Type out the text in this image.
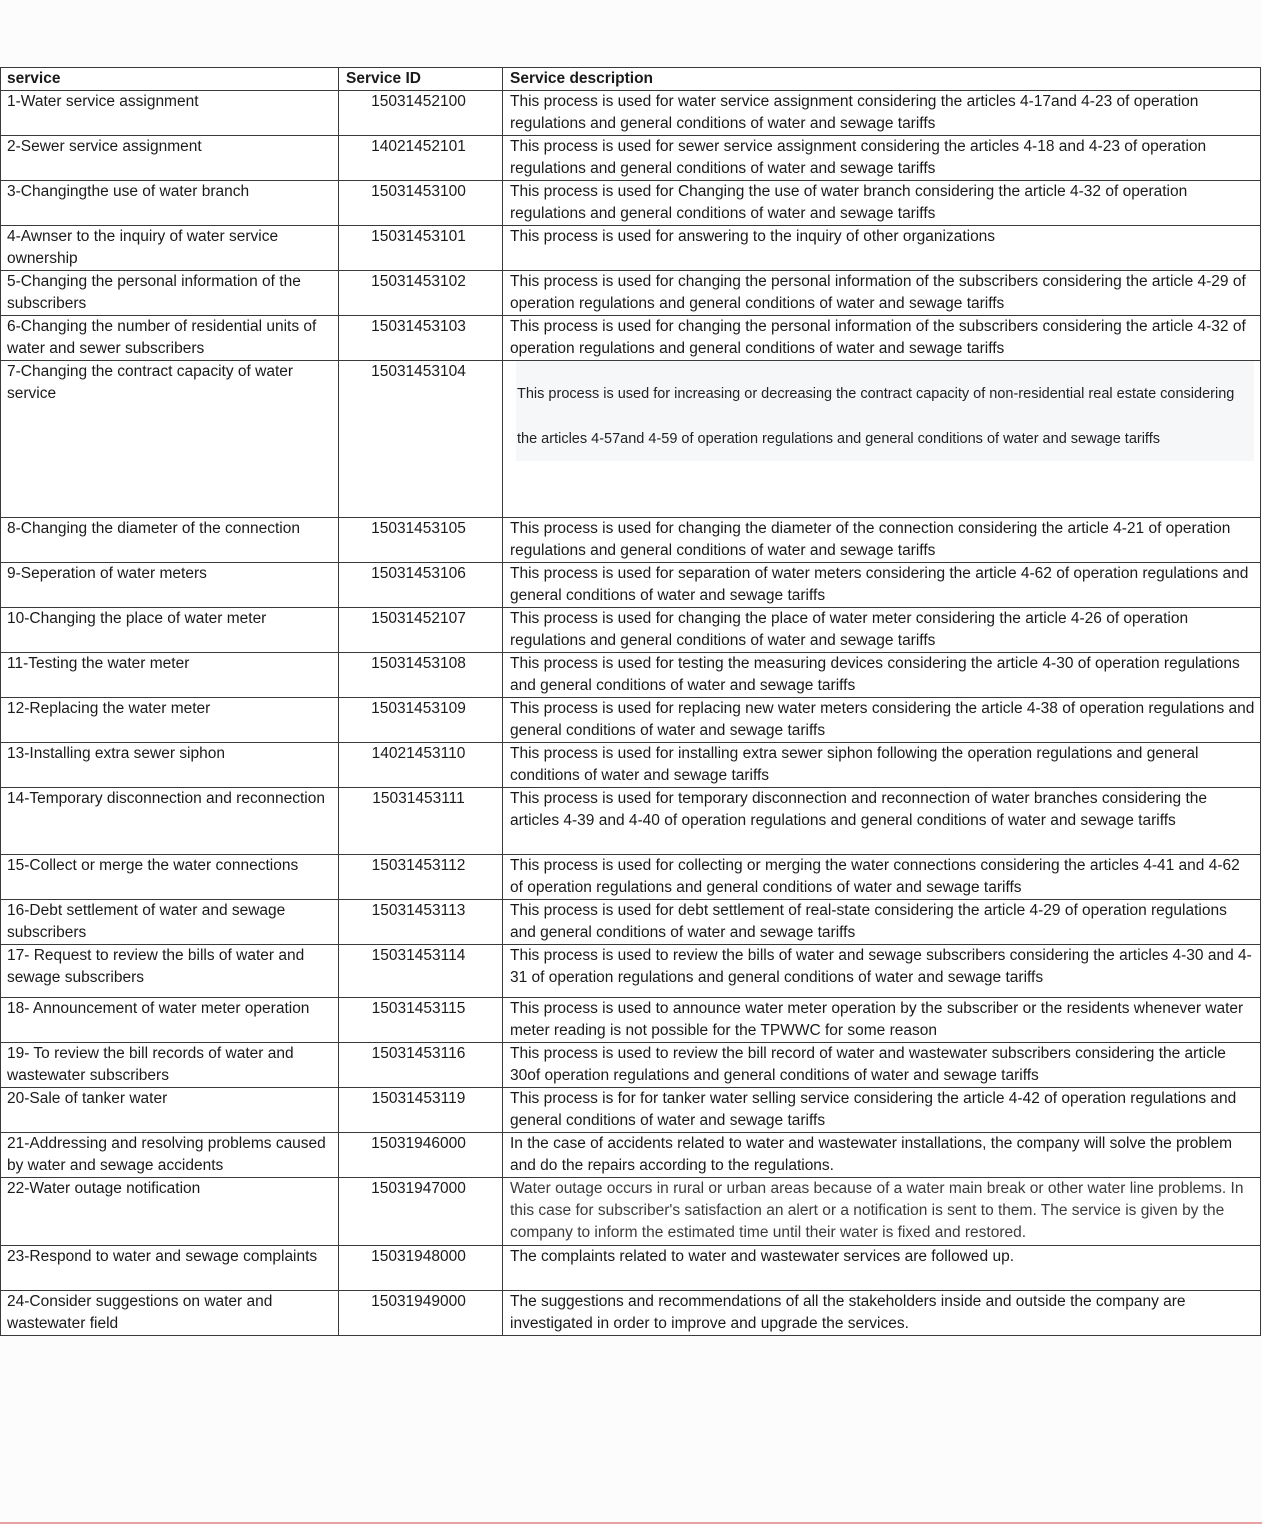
service	Service ID	Service description
1-Water service assignment	15031452100	This process is used for water service assignment considering the articles 4-17and 4-23 of operation regulations and general conditions of water and sewage tariffs
2-Sewer service assignment	14021452101	This process is used for sewer service assignment considering the articles 4-18 and 4-23 of operation regulations and general conditions of water and sewage tariffs
3-Changingthe use of water branch	15031453100	This process is used for Changing the use of water branch considering the article 4-32 of operation regulations and general conditions of water and sewage tariffs
4-Awnser to the inquiry of water service ownership	15031453101	This process is used for answering to the inquiry of other organizations
5-Changing the personal information of the subscribers	15031453102	This process is used for changing the personal information of the subscribers considering the article 4-29 of operation regulations and general conditions of water and sewage tariffs
6-Changing the number of residential units of water and sewer subscribers	15031453103	This process is used for changing the personal information of the subscribers considering the article 4-32 of operation regulations and general conditions of water and sewage tariffs
7-Changing the contract capacity of water service	15031453104	This process is used for increasing or decreasing the contract capacity of non-residential real estate considering the articles 4-57and 4-59 of operation regulations and general conditions of water and sewage tariffs

8-Changing the diameter of the connection	15031453105	This process is used for changing the diameter of the connection considering the article 4-21 of operation regulations and general conditions of water and sewage tariffs
9-Seperation of water meters	15031453106	This process is used for separation of water meters considering the article 4-62 of operation regulations and general conditions of water and sewage tariffs
10-Changing the place of water meter	15031452107	This process is used for changing the place of water meter considering the article 4-26 of operation regulations and general conditions of water and sewage tariffs
11-Testing the water meter	15031453108	This process is used for testing the measuring devices considering the article 4-30 of operation regulations and general conditions of water and sewage tariffs
12-Replacing the water meter	15031453109	This process is used for replacing new water meters considering the article 4-38 of operation regulations and general conditions of water and sewage tariffs
13-Installing extra sewer siphon	14021453110	This process is used for installing extra sewer siphon following the operation regulations and general conditions of water and sewage tariffs
14-Temporary disconnection and reconnection	15031453111	This process is used for temporary disconnection and reconnection of water branches considering the articles 4-39 and 4-40 of operation regulations and general conditions of water and sewage tariffs
15-Collect or merge the water connections	15031453112	This process is used for collecting or merging the water connections considering the articles 4-41 and 4-62 of operation regulations and general conditions of water and sewage tariffs
16-Debt settlement of water and sewage subscribers	15031453113	This process is used for debt settlement of real-state considering the article 4-29 of operation regulations and general conditions of water and sewage tariffs
17- Request to review the bills of water and sewage subscribers	15031453114	This process is used to review the bills of water and sewage subscribers considering the articles 4-30 and 4-31 of operation regulations and general conditions of water and sewage tariffs
18- Announcement of water meter operation	15031453115	This process is used to announce water meter operation by the subscriber or the residents whenever water meter reading is not possible for the TPWWC for some reason
19- To review the bill records of water and wastewater subscribers	15031453116	This process is used to review the bill record of water and wastewater subscribers considering the article 30of operation regulations and general conditions of water and sewage tariffs
20-Sale of tanker water	15031453119	This process is for for tanker water selling service considering the article 4-42 of operation regulations and general conditions of water and sewage tariffs
21-Addressing and resolving problems caused by water and sewage accidents	15031946000	In the case of accidents related to water and wastewater installations, the company will solve the problem and do the repairs according to the regulations.
22-Water outage notification	15031947000	Water outage occurs in rural or urban areas because of a water main break or other water line problems. In this case for subscriber's satisfaction an alert or a notification is sent to them. The service is given by the company to inform the estimated time until their water is fixed and restored.
23-Respond to water and sewage complaints	15031948000	The complaints related to water and wastewater services are followed up.
24-Consider suggestions on water and wastewater field	15031949000	The suggestions and recommendations of all the stakeholders inside and outside the company are investigated in order to improve and upgrade the services.
